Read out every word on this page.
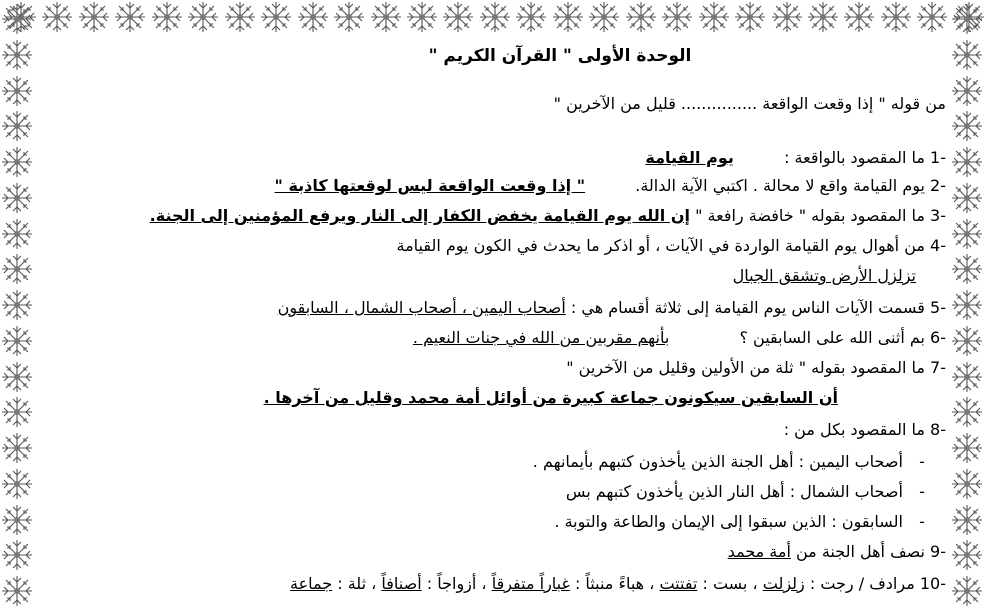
الوحدة الأولى " القرآن الكريم "
من قوله " إذا وقعت الواقعة ............... قليل من الآخرين "
1- ما المقصود بالواقعة :  يوم القيامة
2- يوم القيامة واقع لا محالة . اكتبي الآية الدالة.  " إذا وقعت الواقعة ليس لوقعتها كاذبة "
3- ما المقصود بقوله " خافضة رافعة " إن الله يوم القيامة يخفض الكفار إلى النار ويرفع المؤمنين إلى الجنة.
4- من أهوال يوم القيامة الواردة في الآيات ، أو اذكر ما يحدث في الكون يوم القيامة
تزلزل الأرض وتشقق الجبال
5- قسمت الآيات الناس يوم القيامة إلى ثلاثة أقسام هي : أصحاب اليمين ، أصحاب الشمال ، السابقون
6- بم أثنى الله على السابقين ؟  بأنهم مقربين من الله في جنات النعيم .
7- ما المقصود بقوله " ثلة من الأولين وقليل من الآخرين "
أن السابقين سيكونون جماعة كبيرة من أوائل أمة محمد وقليل من آخرها .
8- ما المقصود بكل من :
- أصحاب اليمين : أهل الجنة الذين يأخذون كتبهم بأيمانهم .
- أصحاب الشمال : أهل النار الذين يأخذون كتبهم بس
- السابقون : الذين سبقوا إلى الإيمان والطاعة والتوبة .
9- نصف أهل الجنة من أمة محمد
10- مرادف / رجت : زلزلت ، بست : تفتتت ، هباءً منبثاً : غباراً متفرقاً ، أزواجاً : أصنافاً ، ثلة : جماعة
